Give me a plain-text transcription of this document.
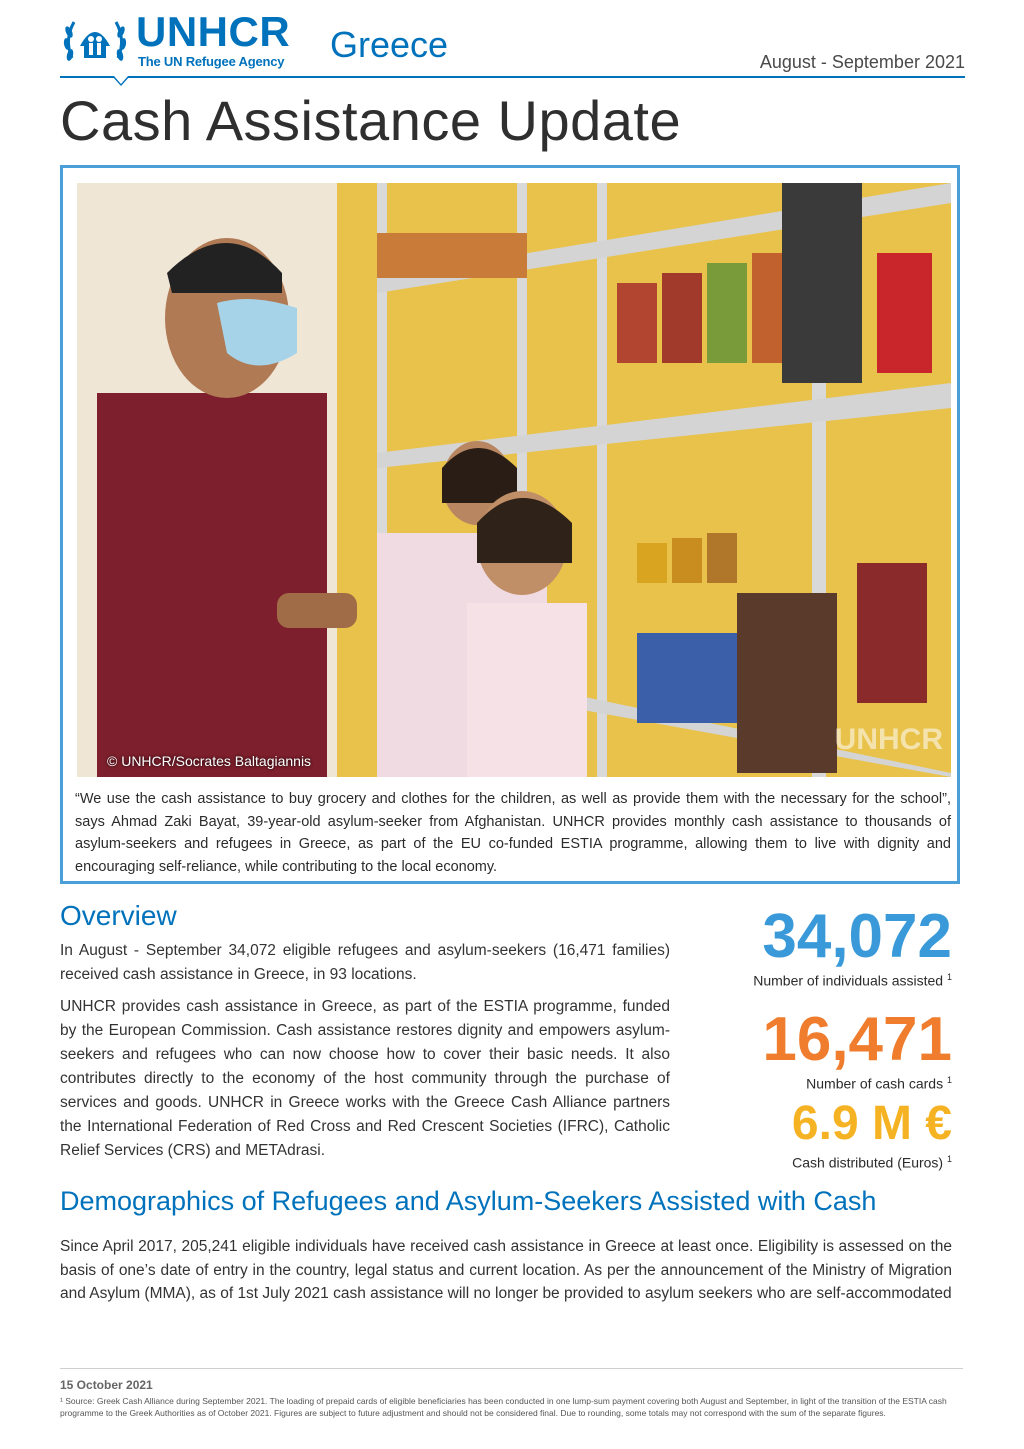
UNHCR
The UN Refugee Agency Greece	August - September 2021
Cash Assistance Update
© UNHCR/Socrates Baltagiannis
UNHCR
“We use the cash assistance to buy grocery and clothes for the children, as well as provide them with the necessary for the school”, says Ahmad Zaki Bayat, 39-year-old asylum-seeker from Afghanistan. UNHCR provides monthly cash assistance to thousands of asylum-seekers and refugees in Greece, as part of the EU co-funded ESTIA programme, allowing them to live with dignity and encouraging self-reliance, while contributing to the local economy.
Overview
In August - September 34,072 eligible refugees and asylum-seekers (16,471 families) received cash assistance in Greece, in 93 locations.
UNHCR provides cash assistance in Greece, as part of the ESTIA programme, funded by the European Commission. Cash assistance restores dignity and empowers asylum-seekers and refugees who can now choose how to cover their basic needs. It also contributes directly to the economy of the host community through the purchase of services and goods. UNHCR in Greece works with the Greece Cash Alliance partners the International Federation of Red Cross and Red Crescent Societies (IFRC), Catholic Relief Services (CRS) and METAdrasi.
34,072
Number of individuals assisted $^1$
16,471
Number of cash cards $^1$
6.9 M €
Cash distributed (Euros) $^1$
Demographics of Refugees and Asylum-Seekers Assisted with Cash
Since April 2017, 205,241 eligible individuals have received cash assistance in Greece at least once. Eligibility is assessed on the basis of one’s date of entry in the country, legal status and current location. As per the announcement of the Ministry of Migration and Asylum (MMA), as of 1st July 2021 cash assistance will no longer be provided to asylum seekers who are self-accommodated
15 October 2021
¹ Source: Greek Cash Alliance during September 2021. The loading of prepaid cards of eligible beneficiaries has been conducted in one lump-sum payment covering both August and September, in light of the transition of the ESTIA cash programme to the Greek Authorities as of October 2021. Figures are subject to future adjustment and should not be considered final. Due to rounding, some totals may not correspond with the sum of the separate figures.
